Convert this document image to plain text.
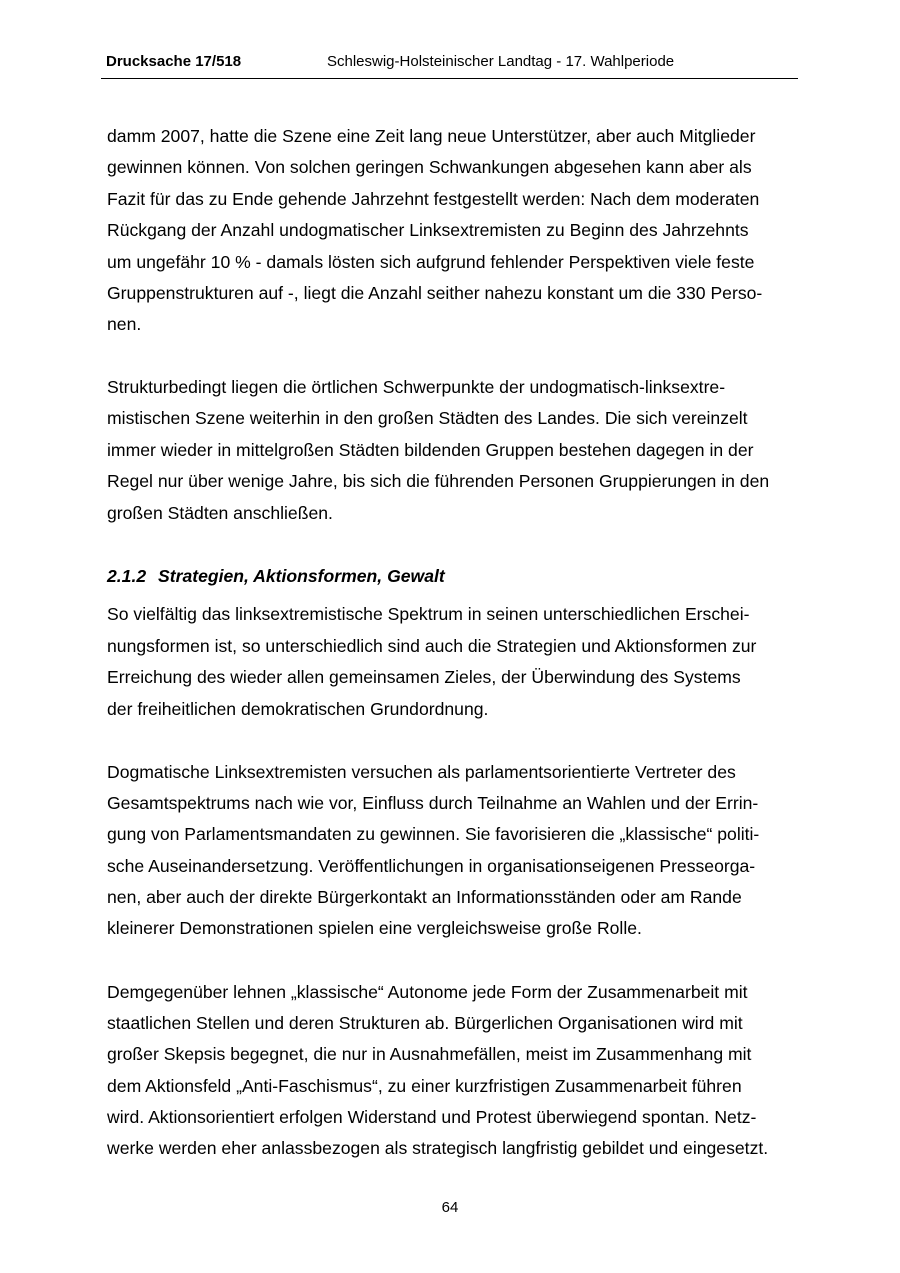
Drucksache 17/518	Schleswig-Holsteinischer Landtag - 17. Wahlperiode
damm 2007, hatte die Szene eine Zeit lang neue Unterstützer, aber auch Mitglieder
gewinnen können. Von solchen geringen Schwankungen abgesehen kann aber als
Fazit für das zu Ende gehende Jahrzehnt festgestellt werden: Nach dem moderaten
Rückgang der Anzahl undogmatischer Linksextremisten zu Beginn des Jahrzehnts
um ungefähr 10 % - damals lösten sich aufgrund fehlender Perspektiven viele feste
Gruppenstrukturen auf -, liegt die Anzahl seither nahezu konstant um die 330 Perso-
nen.
Strukturbedingt liegen die örtlichen Schwerpunkte der undogmatisch-linksextre-
mistischen Szene weiterhin in den großen Städten des Landes. Die sich vereinzelt
immer wieder in mittelgroßen Städten bildenden Gruppen bestehen dagegen in der
Regel nur über wenige Jahre, bis sich die führenden Personen Gruppierungen in den
großen Städten anschließen.
2.1.2 Strategien, Aktionsformen, Gewalt
So vielfältig das linksextremistische Spektrum in seinen unterschiedlichen Erschei-
nungsformen ist, so unterschiedlich sind auch die Strategien und Aktionsformen zur
Erreichung des wieder allen gemeinsamen Zieles, der Überwindung des Systems
der freiheitlichen demokratischen Grundordnung.
Dogmatische Linksextremisten versuchen als parlamentsorientierte Vertreter des
Gesamtspektrums nach wie vor, Einfluss durch Teilnahme an Wahlen und der Errin-
gung von Parlamentsmandaten zu gewinnen. Sie favorisieren die „klassische“ politi-
sche Auseinandersetzung. Veröffentlichungen in organisationseigenen Presseorga-
nen, aber auch der direkte Bürgerkontakt an Informationsständen oder am Rande
kleinerer Demonstrationen spielen eine vergleichsweise große Rolle.
Demgegenüber lehnen „klassische“ Autonome jede Form der Zusammenarbeit mit
staatlichen Stellen und deren Strukturen ab. Bürgerlichen Organisationen wird mit
großer Skepsis begegnet, die nur in Ausnahmefällen, meist im Zusammenhang mit
dem Aktionsfeld „Anti-Faschismus“, zu einer kurzfristigen Zusammenarbeit führen
wird. Aktionsorientiert erfolgen Widerstand und Protest überwiegend spontan. Netz-
werke werden eher anlassbezogen als strategisch langfristig gebildet und eingesetzt.
64
